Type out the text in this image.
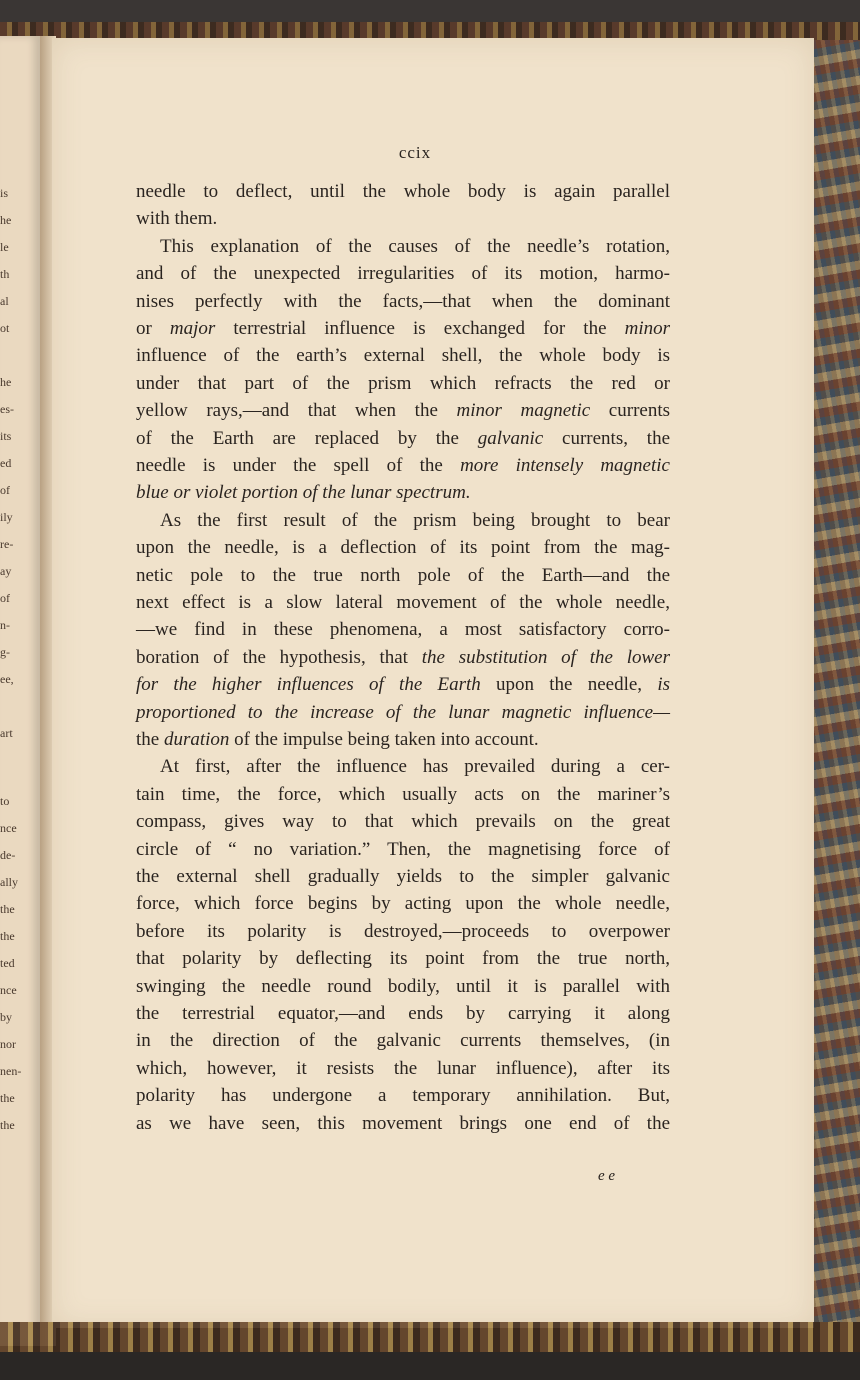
is
he
le
th
al
ot
he
es-
its
ed
of
ily
re-
ay
of
n-
g-
ee,
art
to
nce
de-
ally
the
the
ted
nce
by
nor
nen-
the
the
ccix
needle to deflect, until the whole body is again parallel
with them.
This explanation of the causes of the needle’s rotation,
and of the unexpected irregularities of its motion, harmo-
nises perfectly with the facts,—that when the dominant
or major terrestrial influence is exchanged for the minor
influence of the earth’s external shell, the whole body is
under that part of the prism which refracts the red or
yellow rays,—and that when the minor magnetic currents
of the Earth are replaced by the galvanic currents, the
needle is under the spell of the more intensely magnetic
blue or violet portion of the lunar spectrum.
As the first result of the prism being brought to bear
upon the needle, is a deflection of its point from the mag-
netic pole to the true north pole of the Earth—and the
next effect is a slow lateral movement of the whole needle,
—we find in these phenomena, a most satisfactory corro-
boration of the hypothesis, that the substitution of the lower
for the higher influences of the Earth upon the needle, is
proportioned to the increase of the lunar magnetic influence—
the duration of the impulse being taken into account.
At first, after the influence has prevailed during a cer-
tain time, the force, which usually acts on the mariner’s
compass, gives way to that which prevails on the great
circle of “ no variation.” Then, the magnetising force of
the external shell gradually yields to the simpler galvanic
force, which force begins by acting upon the whole needle,
before its polarity is destroyed,—proceeds to overpower
that polarity by deflecting its point from the true north,
swinging the needle round bodily, until it is parallel with
the terrestrial equator,—and ends by carrying it along
in the direction of the galvanic currents themselves, (in
which, however, it resists the lunar influence), after its
polarity has undergone a temporary annihilation. But,
as we have seen, this movement brings one end of the
e e
